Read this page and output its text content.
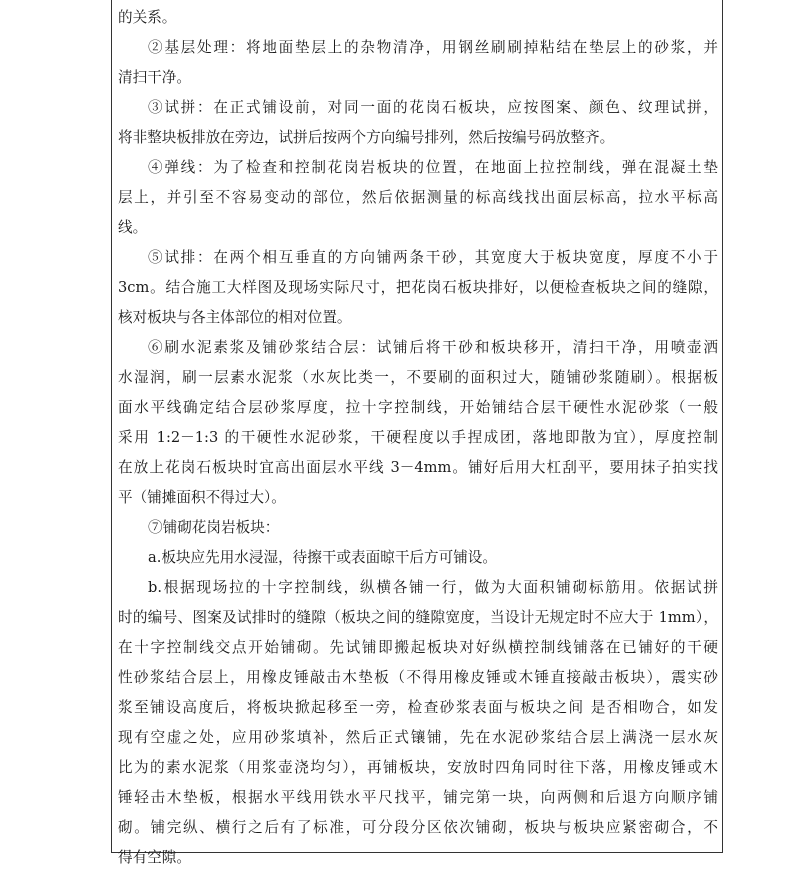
的关系。
②基层处理：将地面垫层上的杂物清净，用钢丝刷刷掉粘结在垫层上的砂浆，并
清扫干净。
③试拼：在正式铺设前，对同一面的花岗石板块，应按图案、颜色、纹理试拼，
将非整块板排放在旁边，试拼后按两个方向编号排列，然后按编号码放整齐。
④弹线：为了检查和控制花岗岩板块的位置，在地面上拉控制线，弹在混凝土垫
层上，并引至不容易变动的部位，然后依据测量的标高线找出面层标高，拉水平标高
线。
⑤试排：在两个相互垂直的方向铺两条干砂，其宽度大于板块宽度，厚度不小于
3cm。结合施工大样图及现场实际尺寸，把花岗石板块排好，以便检查板块之间的缝隙，
核对板块与各主体部位的相对位置。
⑥刷水泥素浆及铺砂浆结合层：试铺后将干砂和板块移开，清扫干净，用喷壶洒
水湿润，刷一层素水泥浆（水灰比类一，不要刷的面积过大，随铺砂浆随刷）。根据板
面水平线确定结合层砂浆厚度，拉十字控制线，开始铺结合层干硬性水泥砂浆（一般
采用 1:2－1:3 的干硬性水泥砂浆，干硬程度以手捏成团，落地即散为宜），厚度控制
在放上花岗石板块时宜高出面层水平线 3－4mm。铺好后用大杠刮平，要用抹子拍实找
平（铺摊面积不得过大）。
⑦铺砌花岗岩板块：
a.板块应先用水浸湿，待擦干或表面晾干后方可铺设。
b.根据现场拉的十字控制线，纵横各铺一行，做为大面积铺砌标筋用。依据试拼
时的编号、图案及试排时的缝隙（板块之间的缝隙宽度，当设计无规定时不应大于 1mm），
在十字控制线交点开始铺砌。先试铺即搬起板块对好纵横控制线铺落在已铺好的干硬
性砂浆结合层上，用橡皮锤敲击木垫板（不得用橡皮锤或木锤直接敲击板块），震实砂
浆至铺设高度后，将板块掀起移至一旁，检查砂浆表面与板块之间 是否相吻合，如发
现有空虚之处，应用砂浆填补，然后正式镶铺，先在水泥砂浆结合层上满浇一层水灰
比为的素水泥浆（用浆壶浇均匀），再铺板块，安放时四角同时往下落，用橡皮锤或木
锤轻击木垫板，根据水平线用铁水平尺找平，铺完第一块，向两侧和后退方向顺序铺
砌。铺完纵、横行之后有了标准，可分段分区依次铺砌，板块与板块应紧密砌合，不
得有空隙。
